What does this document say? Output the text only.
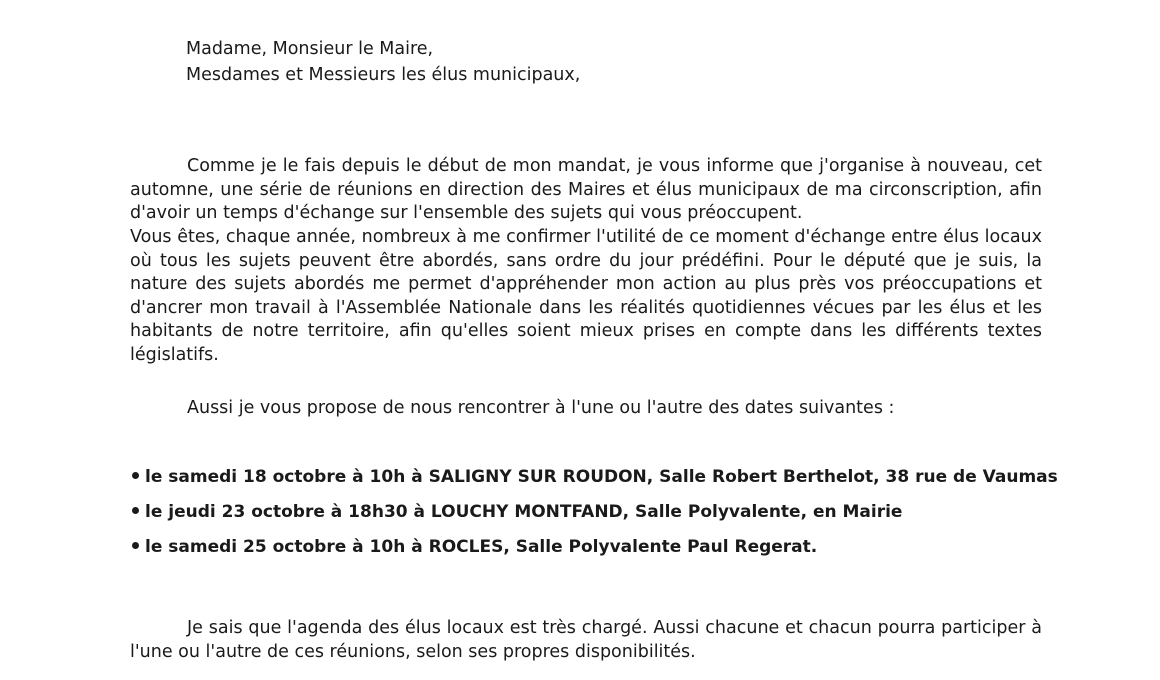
Madame, Monsieur le Maire,
Mesdames et Messieurs les élus municipaux,

Comme je le fais depuis le début de mon mandat, je vous informe que j'organise à nouveau, cet automne, une série de réunions en direction des Maires et élus municipaux de ma circonscription, afin d'avoir un temps d'échange sur l'ensemble des sujets qui vous préoccupent.

Vous êtes, chaque année, nombreux à me confirmer l'utilité de ce moment d'échange entre élus locaux où tous les sujets peuvent être abordés, sans ordre du jour prédéfini. Pour le député que je suis, la nature des sujets abordés me permet d'appréhender mon action au plus près vos préoccupations et d'ancrer mon travail à l'Assemblée Nationale dans les réalités quotidiennes vécues par les élus et les habitants de notre territoire, afin qu'elles soient mieux prises en compte dans les différents textes législatifs.

Aussi je vous propose de nous rencontrer à l'une ou l'autre des dates suivantes :

le samedi 18 octobre à 10h à SALIGNY SUR ROUDON, Salle Robert Berthelot, 38 rue de Vaumas
le jeudi 23 octobre à 18h30 à LOUCHY MONTFAND, Salle Polyvalente, en Mairie
le samedi 25 octobre à 10h à ROCLES, Salle Polyvalente Paul Regerat.

Je sais que l'agenda des élus locaux est très chargé. Aussi chacune et chacun pourra participer à l'une ou l'autre de ces réunions, selon ses propres disponibilités.
